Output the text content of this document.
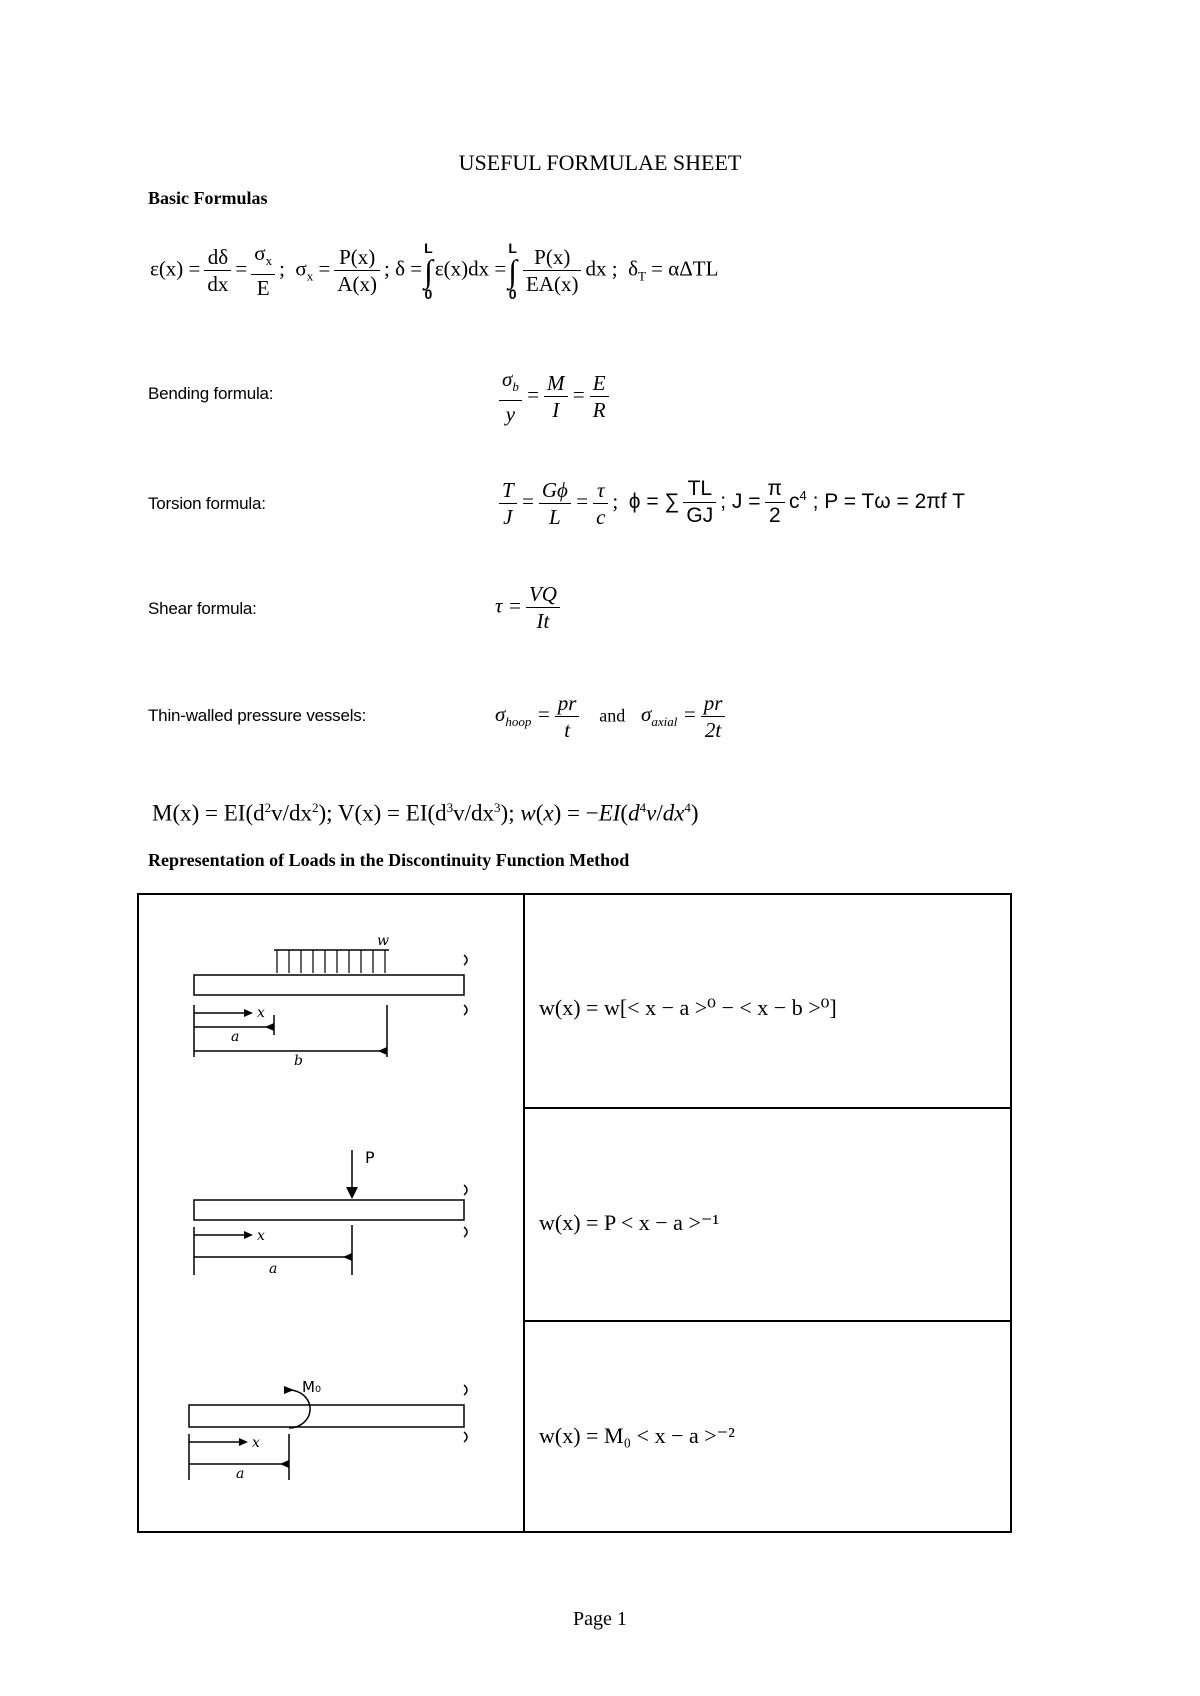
USEFUL FORMULAE SHEET
Basic Formulas
$\varepsilon(x) = \frac{d\delta}{dx} = \frac{\sigma_x}{E}$ ;  $\sigma_x = \frac{P(x)}{A(x)}$ ; δ =
L
∫
0
ε(x)dx =
L
∫
$0 \frac{P(x)}{EA(x)}$ dx ;  $\delta_T = \alpha\Delta TL$
Bending formula:	$\frac{\sigma_b}{y} = \frac{M}{I} = \frac{E}{R}$
Torsion formula:	$\frac{T}{J} = \frac{G\phi}{L} = \frac{\tau}{c}$ ;  ϕ = ∑ $\frac{TL}{GJ}$ ; $J = \frac{\pi}{2} c^4$ ; P = Tω = 2πf T
Shear formula:	$\tau = \frac{VQ}{It}$
Thin-walled pressure vessels:	$\sigma_{hoop} = \frac{pr}{t}$ and $\sigma_{axial} = \frac{pr}{2t}$
$M(x) = EI(d^2v/dx^2)$; $V(x) = EI(d^3v/dx^3)$; $w(x) = -EI(d^4v/dx^4)$
Representation of Loads in the Discontinuity Function Method
w
x
a
b
w(x) = w[< x − a >⁰ − < x − b >⁰]
P
x
a
w(x) = P < x − a >⁻¹
M₀
x
a
w(x) = M₀ < x − a >⁻²
Page 1
